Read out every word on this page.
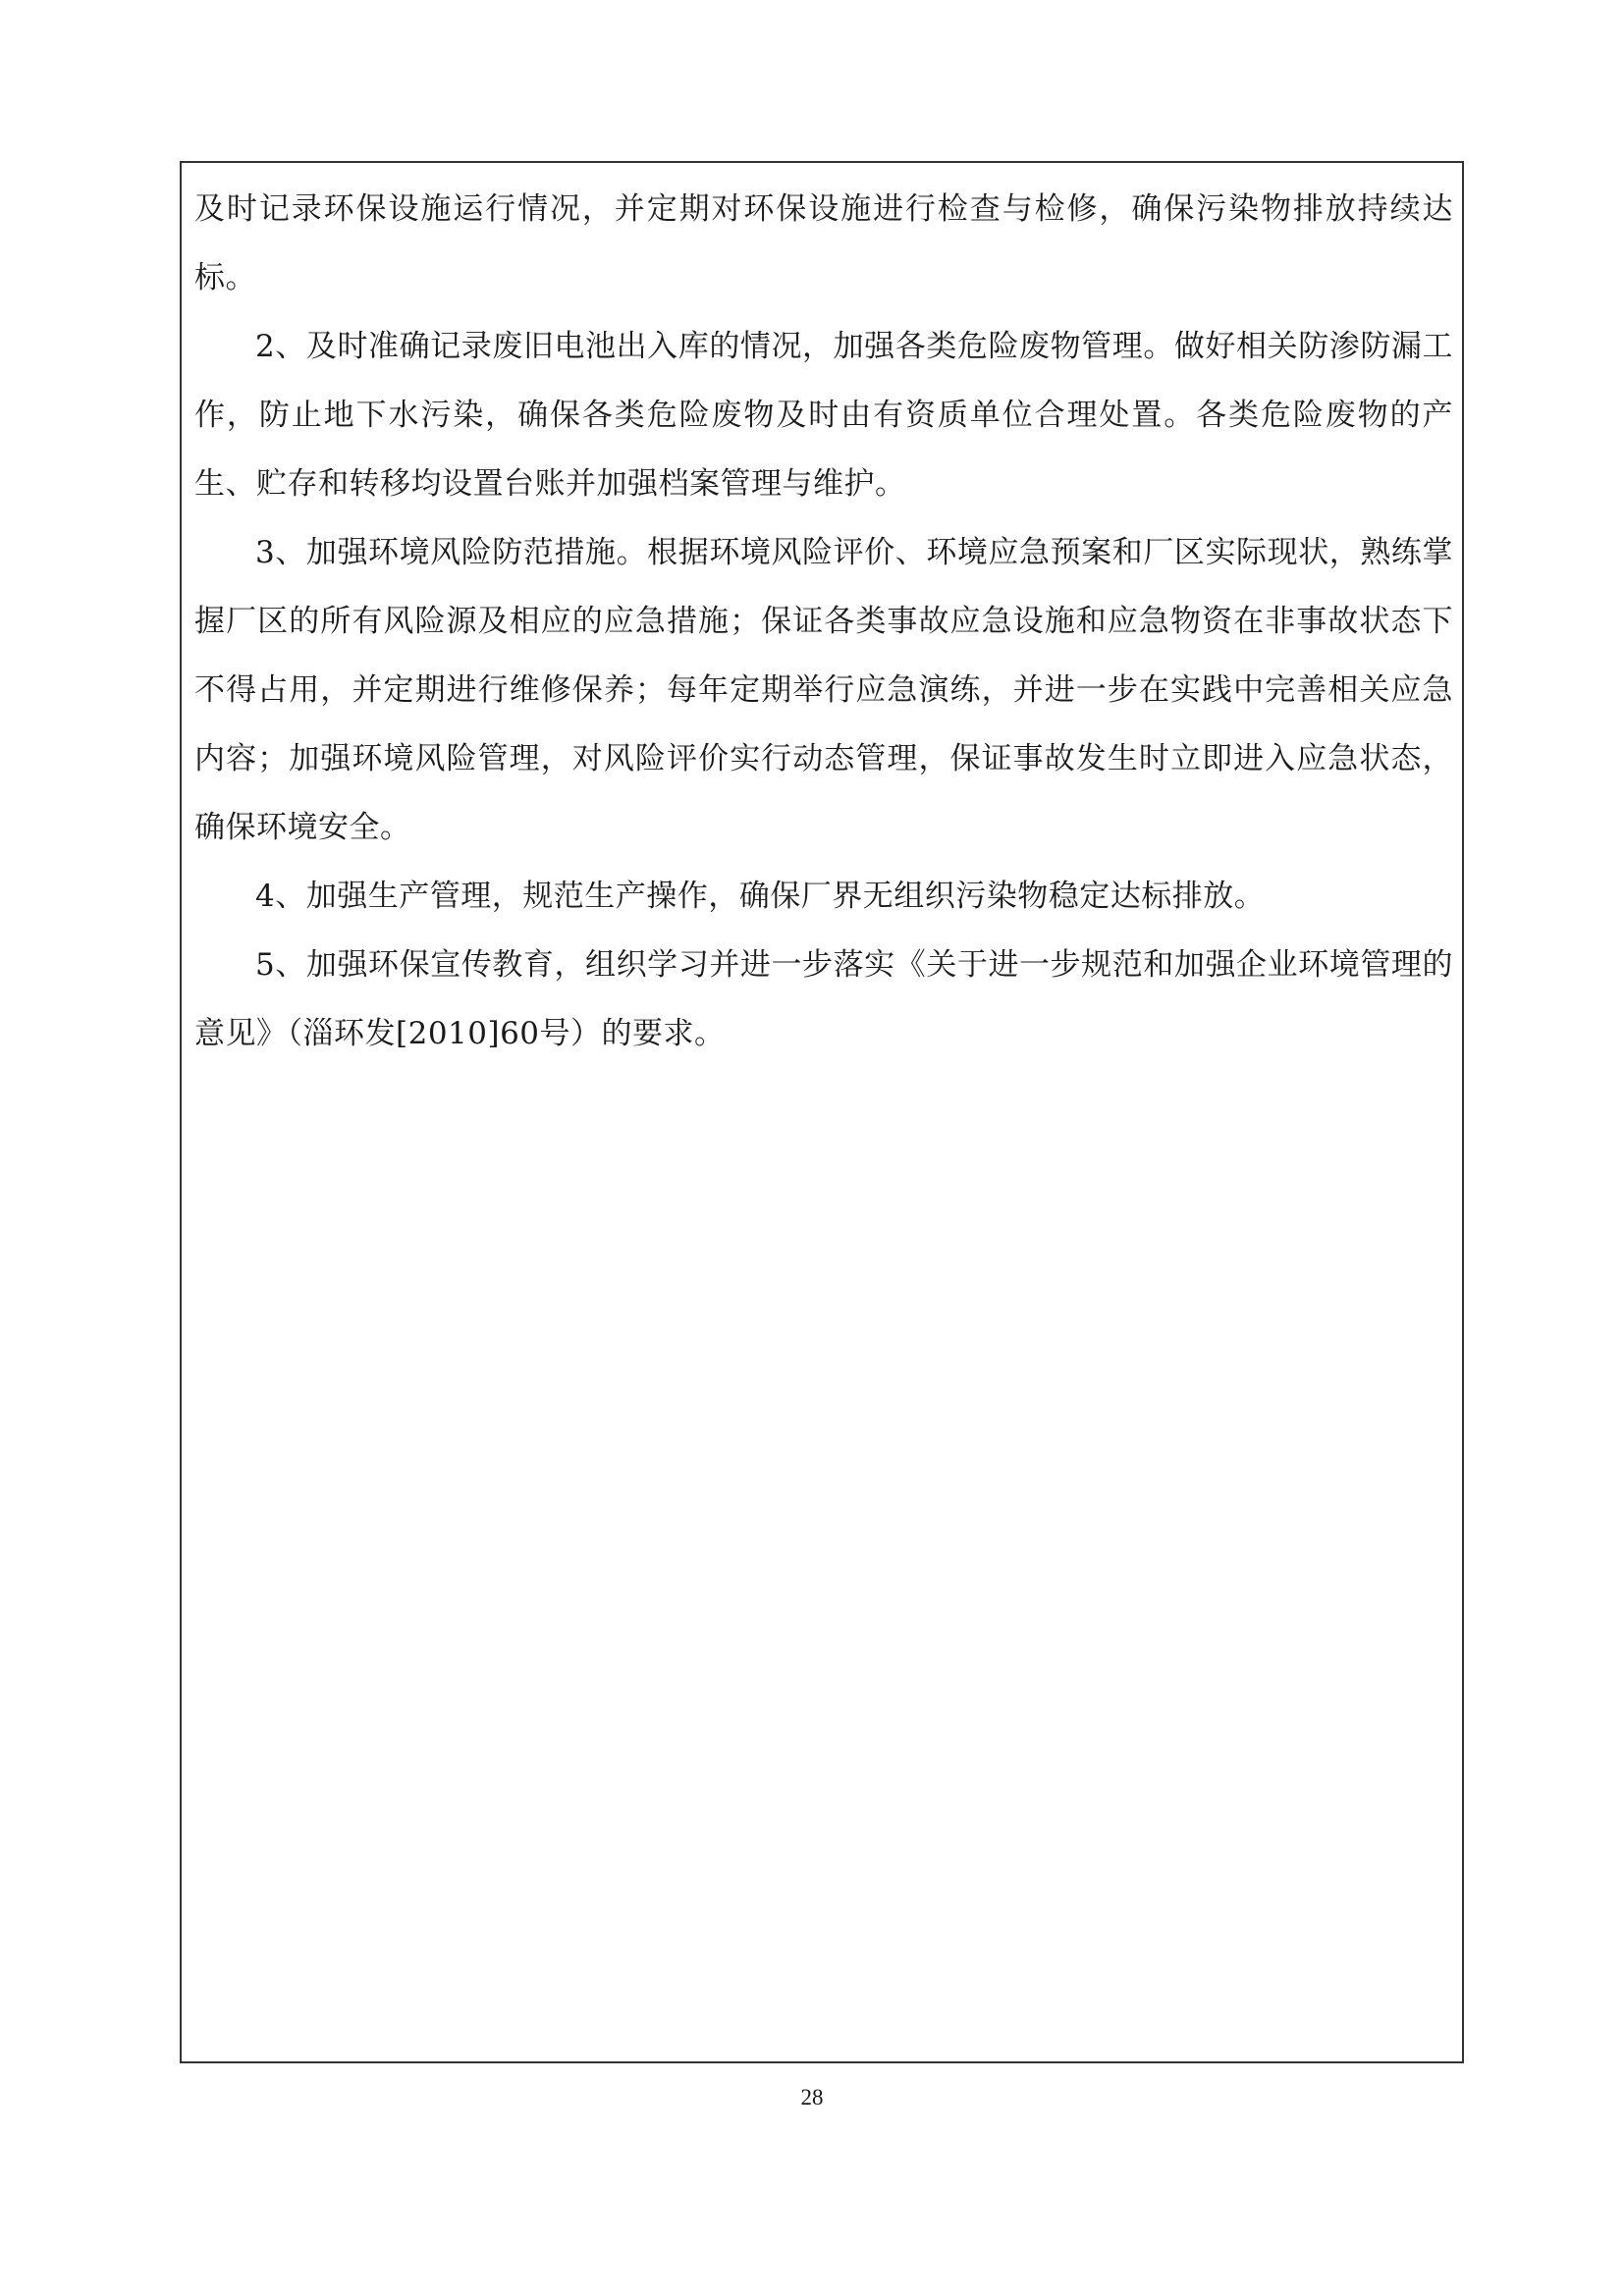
及时记录环保设施运行情况，并定期对环保设施进行检查与检修，确保污染物排放持续达标。

2、及时准确记录废旧电池出入库的情况，加强各类危险废物管理。做好相关防渗防漏工作，防止地下水污染，确保各类危险废物及时由有资质单位合理处置。各类危险废物的产生、贮存和转移均设置台账并加强档案管理与维护。

3、加强环境风险防范措施。根据环境风险评价、环境应急预案和厂区实际现状，熟练掌握厂区的所有风险源及相应的应急措施；保证各类事故应急设施和应急物资在非事故状态下不得占用，并定期进行维修保养；每年定期举行应急演练，并进一步在实践中完善相关应急内容；加强环境风险管理，对风险评价实行动态管理，保证事故发生时立即进入应急状态，确保环境安全。

4、加强生产管理，规范生产操作，确保厂界无组织污染物稳定达标排放。

5、加强环保宣传教育，组织学习并进一步落实《关于进一步规范和加强企业环境管理的意见》（淄环发[2010]60号）的要求。

28
